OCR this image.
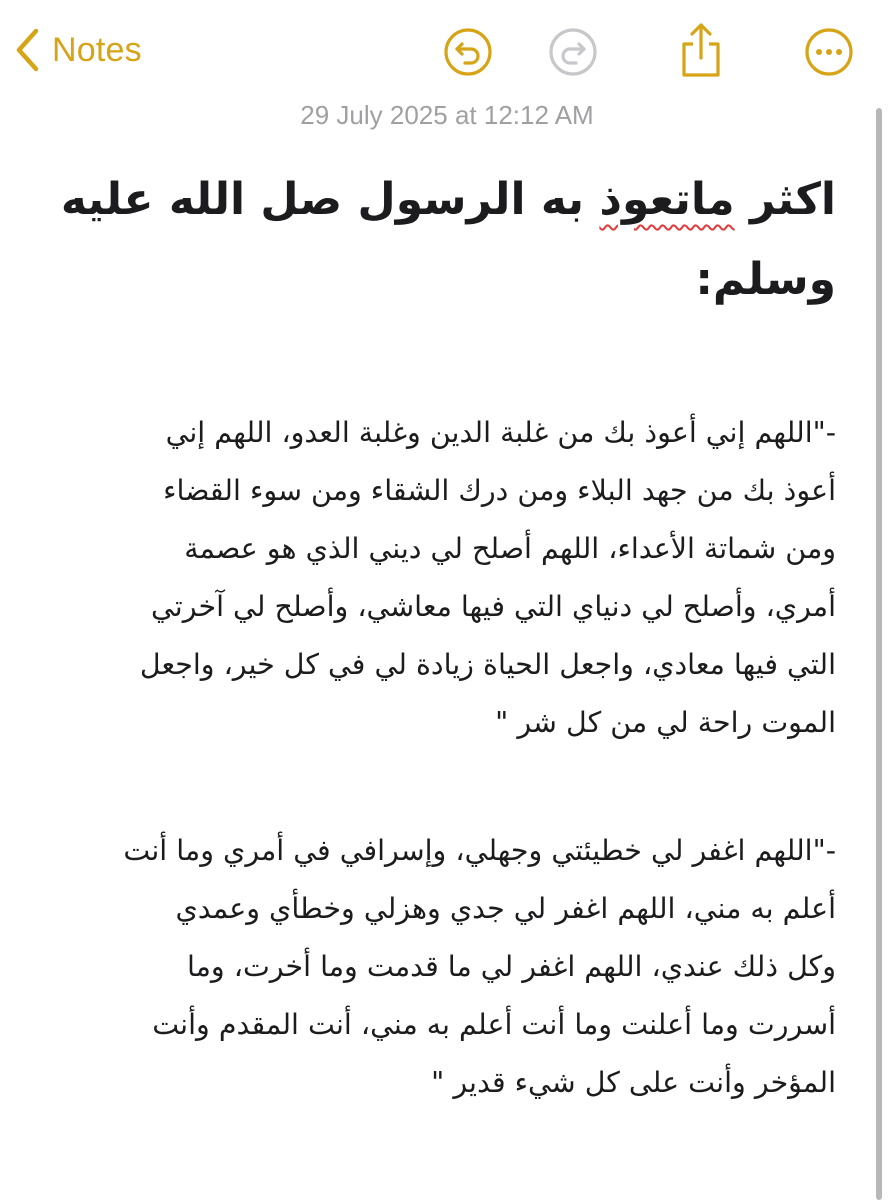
Notes
29 July 2025 at 12:12 AM
اكثر ماتعوذ به الرسول صل الله عليه وسلم:

-"اللهم إني أعوذ بك من غلبة الدين وغلبة العدو، اللهم إني
أعوذ بك من جهد البلاء ومن درك الشقاء ومن سوء القضاء
ومن شماتة الأعداء، اللهم أصلح لي ديني الذي هو عصمة
أمري، وأصلح لي دنياي التي فيها معاشي، وأصلح لي آخرتي
التي فيها معادي، واجعل الحياة زيادة لي في كل خير، واجعل
الموت راحة لي من كل شر "

-"اللهم اغفر لي خطيئتي وجهلي، وإسرافي في أمري وما أنت
أعلم به مني، اللهم اغفر لي جدي وهزلي وخطأي وعمدي
وكل ذلك عندي، اللهم اغفر لي ما قدمت وما أخرت، وما
أسررت وما أعلنت وما أنت أعلم به مني، أنت المقدم وأنت
المؤخر وأنت على كل شيء قدير "
